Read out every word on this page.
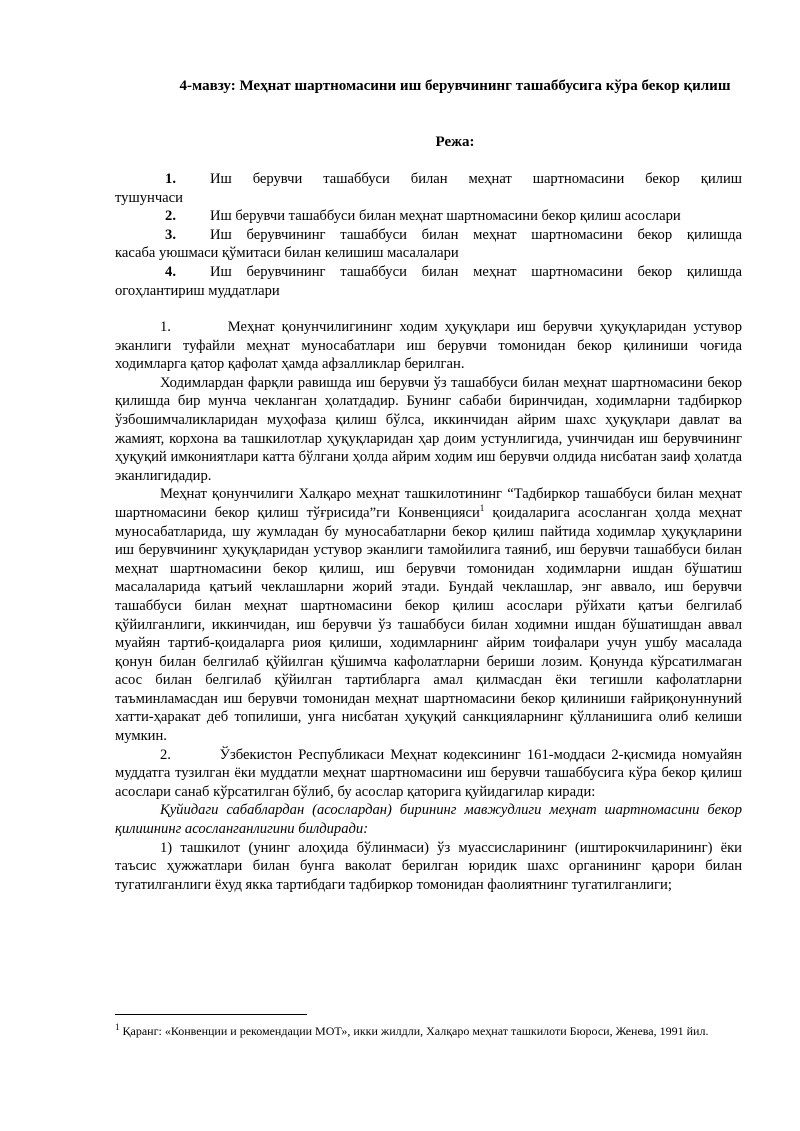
4-мавзу: Меҳнат шартномасини иш берувчининг ташаббусига кўра бекор қилиш
Режа:
1.	Иш берувчи ташаббуси билан меҳнат шартномасини бекор қилиш
тушунчаси
2.	Иш берувчи ташаббуси билан меҳнат шартномасини бекор қилиш асослари
3.	Иш берувчининг ташаббуси билан меҳнат шартномасини бекор қилишда
касаба уюшмаси қўмитаси билан келишиш масалалари
4.	Иш берувчининг ташаббуси билан меҳнат шартномасини бекор қилишда
огоҳлантириш муддатлари

1.        Меҳнат қонунчилигининг ходим ҳуқуқлари иш берувчи ҳуқуқларидан устувор эканлиги туфайли меҳнат муносабатлари иш берувчи томонидан бекор қилиниши чоғида ходимларга қатор қафолат ҳамда афзалликлар берилган.

Ходимлардан фарқли равишда иш берувчи ўз ташаббуси билан меҳнат шартномасини бекор қилишда бир мунча чекланган ҳолатдадир. Бунинг сабаби биринчидан, ходимларни тадбиркор ўзбошимчаликларидан муҳофаза қилиш бўлса, иккинчидан айрим шахс ҳуқуқлари давлат ва жамият, корхона ва ташкилотлар ҳуқуқларидан ҳар доим устунлигида, учинчидан иш берувчининг ҳуқуқий имкониятлари катта бўлгани ҳолда айрим ходим иш берувчи олдида нисбатан заиф ҳолатда эканлигидадир.

Меҳнат қонунчилиги Халқаро меҳнат ташкилотининг “Тадбиркор ташаббуси билан меҳнат шартномасини бекор қилиш тўғрисида”ги Конвенцияси$^1$ қоидаларига асосланган ҳолда меҳнат муносабатларида, шу жумладан бу муносабатларни бекор қилиш пайтида ходимлар ҳуқуқларини иш берувчининг ҳуқуқларидан устувор эканлиги тамойилига таяниб, иш берувчи ташаббуси билан меҳнат шартномасини бекор қилиш, иш берувчи томонидан ходимларни ишдан бўшатиш масалаларида қатъий чеклашларни жорий этади. Бундай чеклашлар, энг аввало, иш берувчи ташаббуси билан меҳнат шартномасини бекор қилиш асослари рўйхати қатъи белгилаб қўйилганлиги, иккинчидан, иш берувчи ўз ташаббуси билан ходимни ишдан бўшатишдан аввал муайян тартиб-қоидаларга риоя қилиши, ходимларнинг айрим тоифалари учун ушбу масалада қонун билан белгилаб қўйилган қўшимча кафолатларни бериши лозим. Қонунда кўрсатилмаган асос билан белгилаб қўйилган тартибларга амал қилмасдан ёки тегишли кафолатларни таъминламасдан иш берувчи томонидан меҳнат шартномасини бекор қилиниши ғайриқонуннуний хатти-ҳаракат деб топилиши, унга нисбатан ҳуқуқий санкцияларнинг қўлланишига олиб келиши мумкин.

2.        Ўзбекистон Республикаси Меҳнат кодексининг 161-моддаси 2-қисмида номуайян муддатга тузилган ёки муддатли меҳнат шартномасини иш берувчи ташаббусига кўра бекор қилиш асослари санаб кўрсатилган бўлиб, бу асослар қаторига қуйидагилар киради:

Қуйидаги сабаблардан (асослардан) бирининг мавжудлиги меҳнат шартномасини бекор қилишнинг асосланганлигини билдиради:

1) ташкилот (унинг алоҳида бўлинмаси) ўз муассисларининг (иштирокчиларининг) ёки таъсис ҳужжатлари билан бунга ваколат берилган юридик шахс органининг қарори билан тугатилганлиги ёхуд якка тартибдаги тадбиркор томонидан фаолиятнинг тугатилганлиги;

$^1$ Қаранг: «Конвенции и рекомендации МОТ», икки жилдли, Халқаро меҳнат ташкилоти Бюроси, Женева, 1991 йил.
